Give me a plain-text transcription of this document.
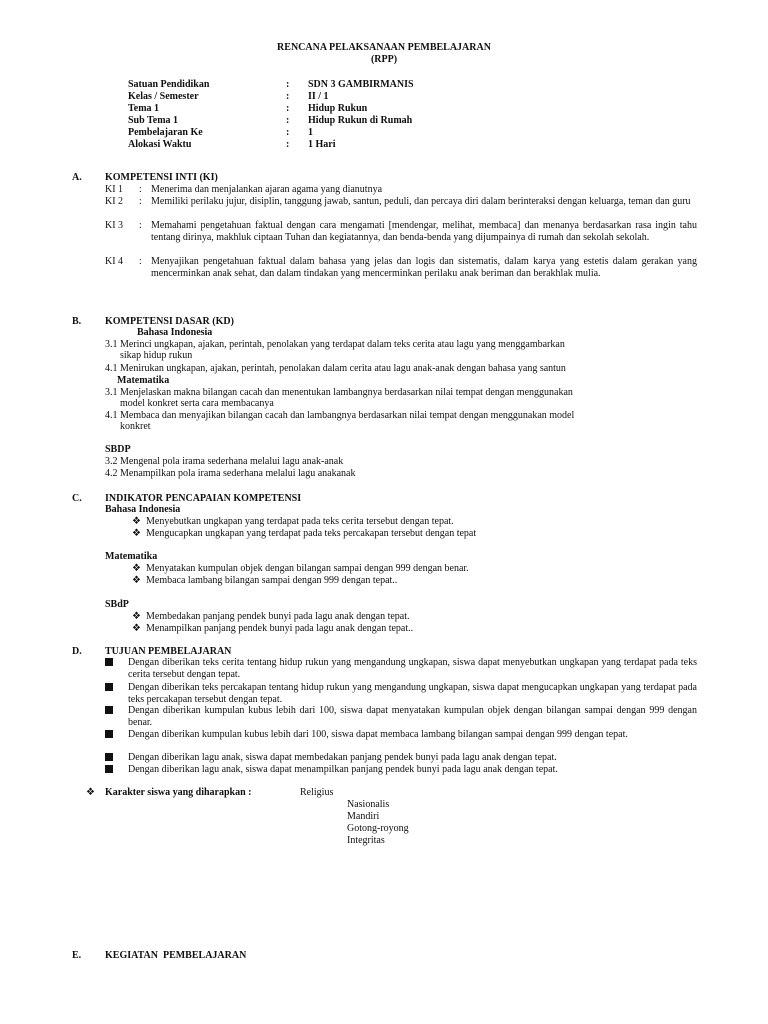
RENCANA PELAKSANAAN PEMBELAJARAN
(RPP)
Satuan Pendidikan	: SDN 3 GAMBIRMANIS
Kelas / Semester	: II / 1
Tema 1	: Hidup Rukun
Sub Tema 1	: Hidup Rukun di Rumah
Pembelajaran Ke	: 1
Alokasi Waktu	: 1 Hari
A. KOMPETENSI INTI (KI)
KI 1 : Menerima dan menjalankan ajaran agama yang dianutnya
KI 2 : Memiliki perilaku jujur, disiplin, tanggung jawab, santun, peduli, dan percaya diri dalam berinteraksi dengan keluarga, teman dan guru
KI 3 : Memahami pengetahuan faktual dengan cara mengamati [mendengar, melihat, membaca] dan menanya berdasarkan rasa ingin tahu tentang dirinya, makhluk ciptaan Tuhan dan kegiatannya, dan benda-benda yang dijumpainya di rumah dan sekolah sekolah.
KI 4 : Menyajikan pengetahuan faktual dalam bahasa yang jelas dan logis dan sistematis, dalam karya yang estetis dalam gerakan yang mencerminkan anak sehat, dan dalam tindakan yang mencerminkan perilaku anak beriman dan berakhlak mulia.
B. KOMPETENSI DASAR (KD)
Bahasa Indonesia
3.1 Merinci ungkapan, ajakan, perintah, penolakan yang terdapat dalam teks cerita atau lagu yang menggambarkan
sikap hidup rukun
4.1 Menirukan ungkapan, ajakan, perintah, penolakan dalam cerita atau lagu anak-anak dengan bahasa yang santun
Matematika
3.1 Menjelaskan makna bilangan cacah dan menentukan lambangnya berdasarkan nilai tempat dengan menggunakan
model konkret serta cara membacanya
4.1 Membaca dan menyajikan bilangan cacah dan lambangnya berdasarkan nilai tempat dengan menggunakan model
konkret
SBDP
3.2 Mengenal pola irama sederhana melalui lagu anak-anak
4.2 Menampilkan pola irama sederhana melalui lagu anakanak
C. INDIKATOR PENCAPAIAN KOMPETENSI
Bahasa Indonesia
❖ Menyebutkan ungkapan yang terdapat pada teks cerita tersebut dengan tepat.
❖ Mengucapkan ungkapan yang terdapat pada teks percakapan tersebut dengan tepat
Matematika
❖ Menyatakan kumpulan objek dengan bilangan sampai dengan 999 dengan benar.
❖ Membaca lambang bilangan sampai dengan 999 dengan tepat..
SBdP
❖ Membedakan panjang pendek bunyi pada lagu anak dengan tepat.
❖ Menampilkan panjang pendek bunyi pada lagu anak dengan tepat..
D. TUJUAN PEMBELAJARAN
Dengan diberikan teks cerita tentang hidup rukun yang mengandung ungkapan, siswa dapat menyebutkan ungkapan yang terdapat pada teks cerita tersebut dengan tepat.
Dengan diberikan teks percakapan tentang hidup rukun yang mengandung ungkapan, siswa dapat mengucapkan ungkapan yang terdapat pada teks percakapan tersebut dengan tepat.
Dengan diberikan kumpulan kubus lebih dari 100, siswa dapat menyatakan kumpulan objek dengan bilangan sampai dengan 999 dengan benar.
Dengan diberikan kumpulan kubus lebih dari 100, siswa dapat membaca lambang bilangan sampai dengan 999 dengan tepat.
Dengan diberikan lagu anak, siswa dapat membedakan panjang pendek bunyi pada lagu anak dengan tepat.
Dengan diberikan lagu anak, siswa dapat menampilkan panjang pendek bunyi pada lagu anak dengan tepat.
❖ Karakter siswa yang diharapkan :	Religius
Nasionalis
Mandiri
Gotong-royong
Integritas
E. KEGIATAN  PEMBELAJARAN
